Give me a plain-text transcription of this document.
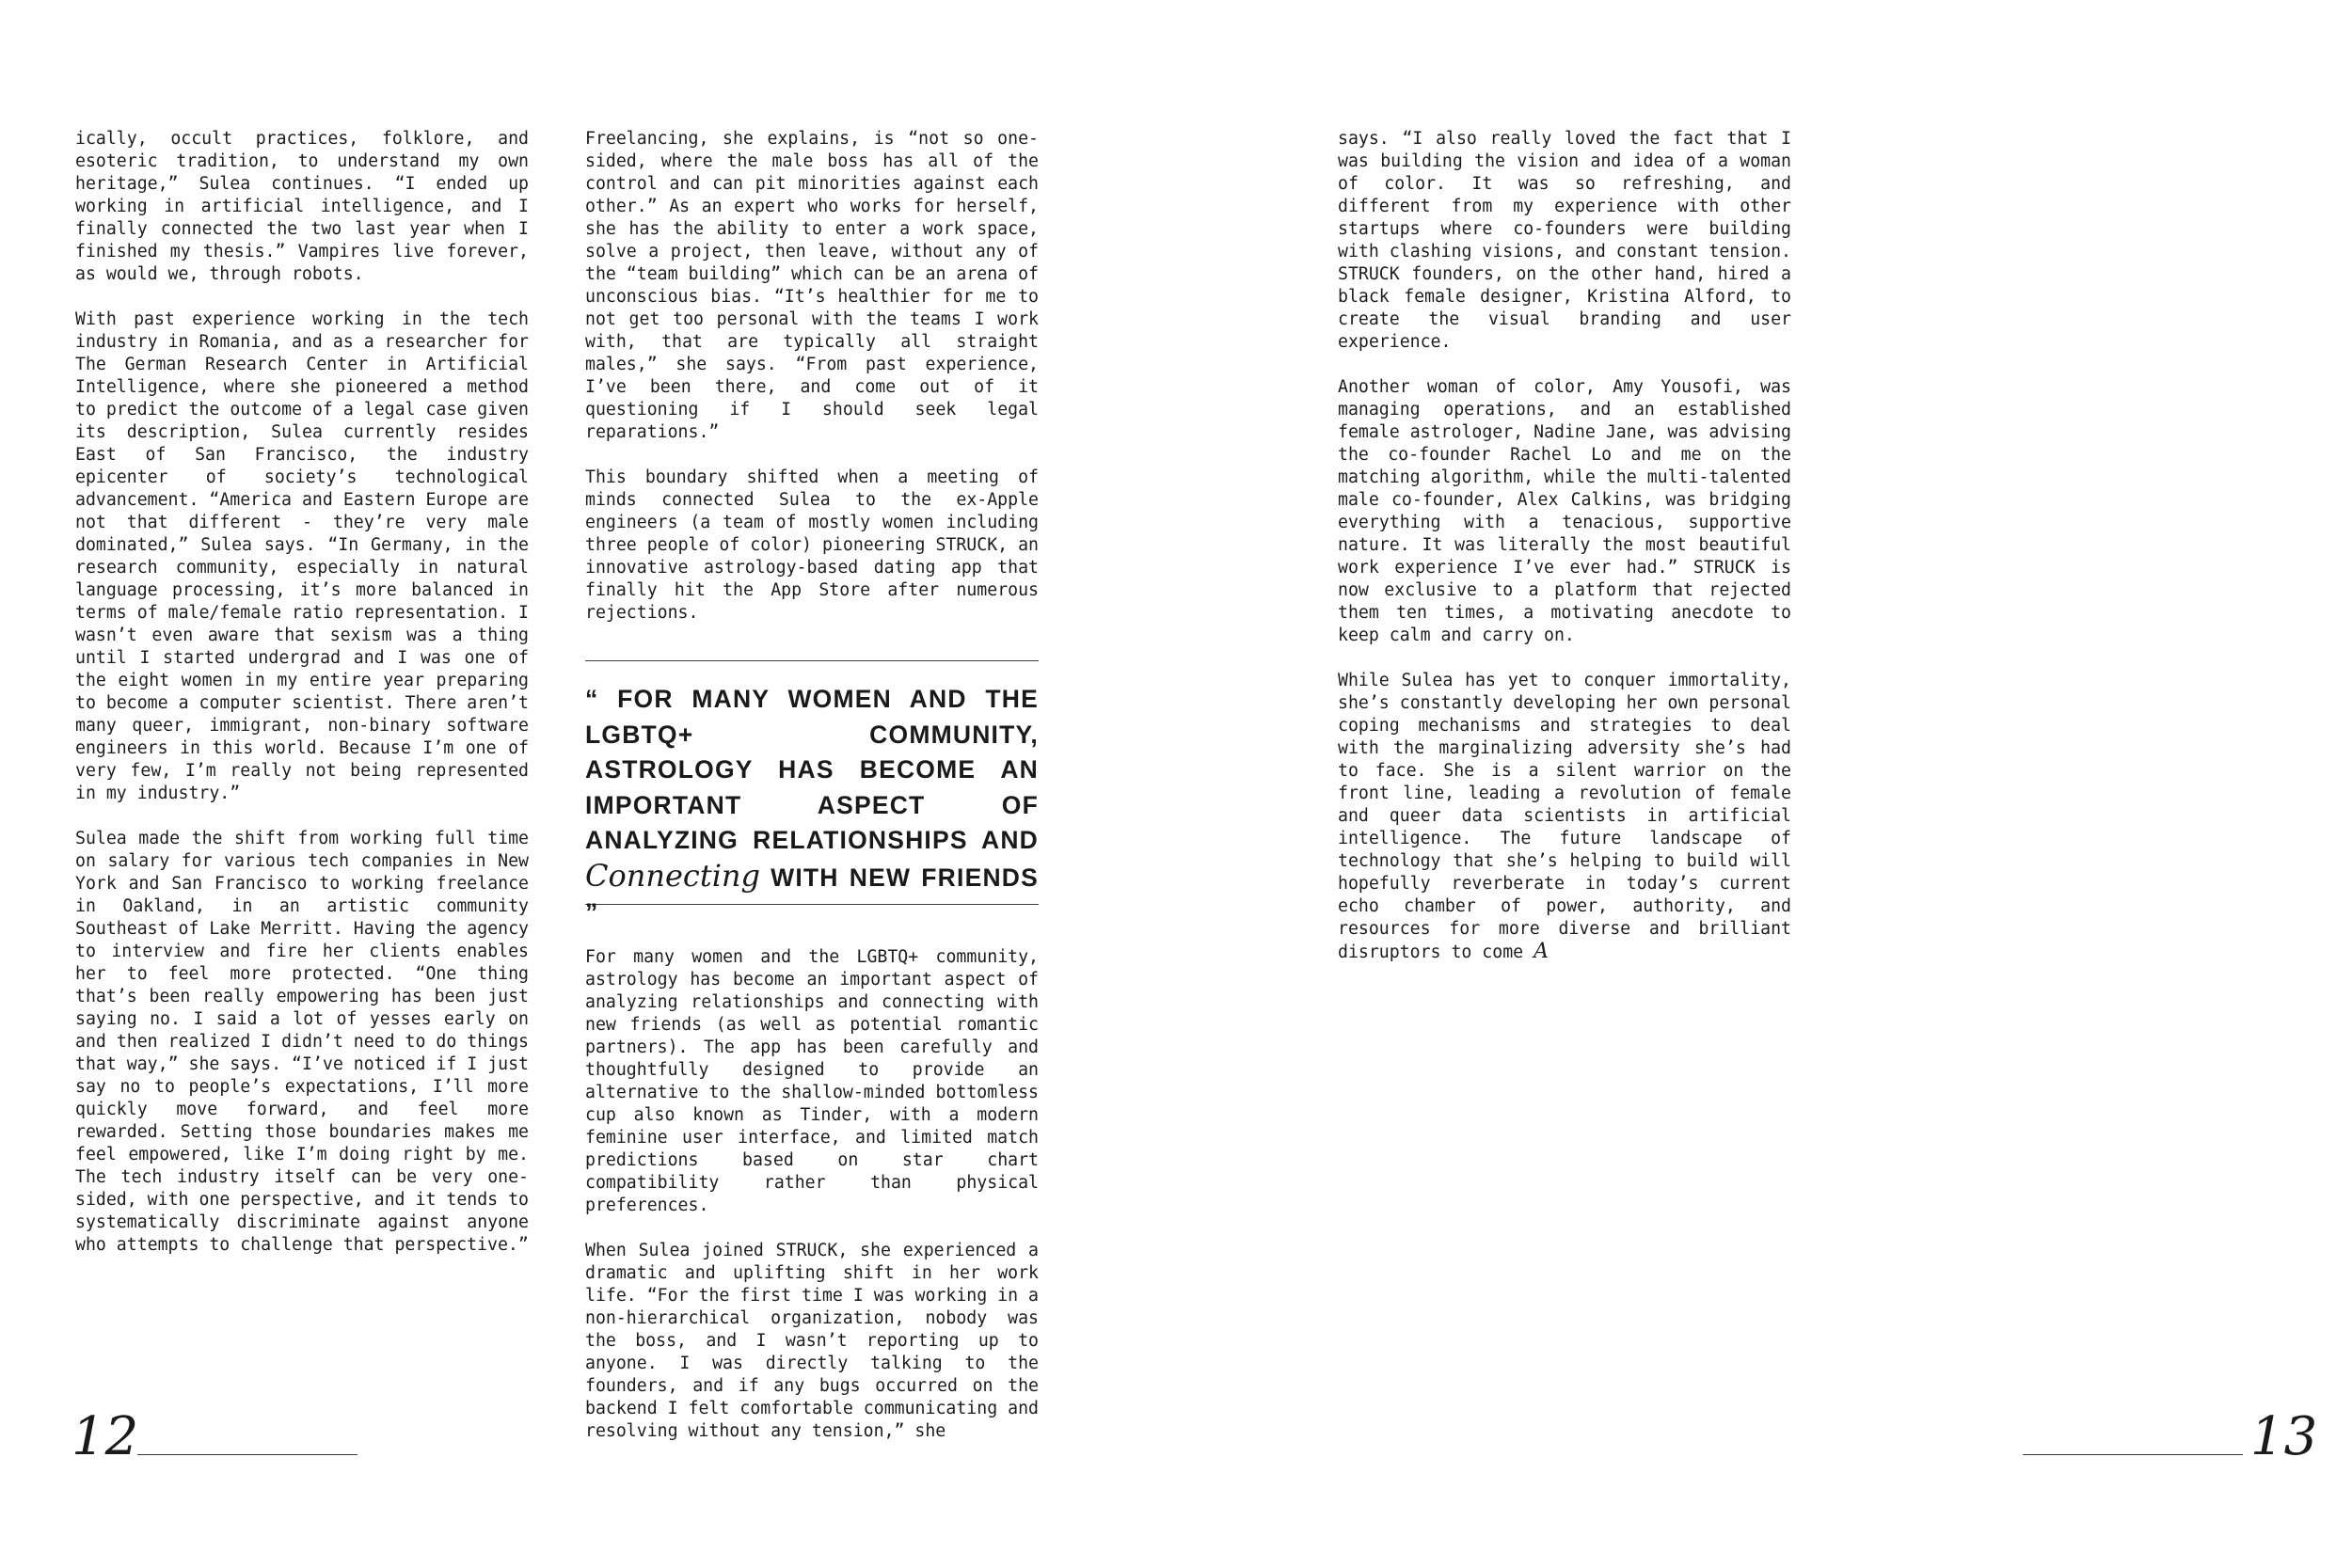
ically, occult practices, folklore, and esoteric tradition, to understand my own heritage,” Sulea continues. “I ended up working in artificial intelligence, and I finally connected the two last year when I finished my thesis.” Vampires live forever, as would we, through robots.

With past experience working in the tech industry in Romania, and as a researcher for The German Research Center in Artificial Intelligence, where she pioneered a method to predict the outcome of a legal case given its description, Sulea currently resides East of San Francisco, the industry epicenter of society’s technological advancement. “America and Eastern Europe are not that different - they’re very male dominated,” Sulea says. “In Germany, in the research community, especially in natural language processing, it’s more balanced in terms of male/female ratio representation. I wasn’t even aware that sexism was a thing until I started undergrad and I was one of the eight women in my entire year preparing to become a computer scientist. There aren’t many queer, immigrant, non-binary software engineers in this world. Because I’m one of very few, I’m really not being represented in my industry.”

Sulea made the shift from working full time on salary for various tech companies in New York and San Francisco to working freelance in Oakland, in an artistic community Southeast of Lake Merritt. Having the agency to interview and fire her clients enables her to feel more protected. “One thing that’s been really empowering has been just saying no. I said a lot of yesses early on and then realized I didn’t need to do things that way,” she says. “I’ve noticed if I just say no to people’s expectations, I’ll more quickly move forward, and feel more rewarded. Setting those boundaries makes me feel empowered, like I’m doing right by me. The tech industry itself can be very one-sided, with one perspective, and it tends to systematically discriminate against anyone who attempts to challenge that perspective.”

Freelancing, she explains, is “not so one-sided, where the male boss has all of the control and can pit minorities against each other.” As an expert who works for herself, she has the ability to enter a work space, solve a project, then leave, without any of the “team building” which can be an arena of unconscious bias. “It’s healthier for me to not get too personal with the teams I work with, that are typically all straight males,” she says. “From past experience, I’ve been there, and come out of it questioning if I should seek legal reparations.”

This boundary shifted when a meeting of minds connected Sulea to the ex-Apple engineers (a team of mostly women including three people of color) pioneering STRUCK, an innovative astrology-based dating app that finally hit the App Store after numerous rejections.

“ FOR MANY WOMEN AND THE LGBTQ+ COMMUNITY, ASTROLOGY HAS BECOME AN IMPORTANT ASPECT OF ANALYZING RELATIONSHIPS AND Connecting WITH NEW FRIENDS ”

For many women and the LGBTQ+ community, astrology has become an important aspect of analyzing relationships and connecting with new friends (as well as potential romantic partners). The app has been carefully and thoughtfully designed to provide an alternative to the shallow-minded bottomless cup also known as Tinder, with a modern feminine user interface, and limited match predictions based on star chart compatibility rather than physical preferences.

When Sulea joined STRUCK, she experienced a dramatic and uplifting shift in her work life. “For the first time I was working in a non-hierarchical organization, nobody was the boss, and I wasn’t reporting up to anyone. I was directly talking to the founders, and if any bugs occurred on the backend I felt comfortable communicating and resolving without any tension,” she

says. “I also really loved the fact that I was building the vision and idea of a woman of color. It was so refreshing, and different from my experience with other startups where co-founders were building with clashing visions, and constant tension. STRUCK founders, on the other hand, hired a black female designer, Kristina Alford, to create the visual branding and user experience.

Another woman of color, Amy Yousofi, was managing operations, and an established female astrologer, Nadine Jane, was advising the co-founder Rachel Lo and me on the matching algorithm, while the multi-talented male co-founder, Alex Calkins, was bridging everything with a tenacious, supportive nature. It was literally the most beautiful work experience I’ve ever had.” STRUCK is now exclusive to a platform that rejected them ten times, a motivating anecdote to keep calm and carry on.

While Sulea has yet to conquer immortality, she’s constantly developing her own personal coping mechanisms and strategies to deal with the marginalizing adversity she’s had to face. She is a silent warrior on the front line, leading a revolution of female and queer data scientists in artificial intelligence. The future landscape of technology that she’s helping to build will hopefully reverberate in today’s current echo chamber of power, authority, and resources for more diverse and brilliant disruptors to come A

12	13
